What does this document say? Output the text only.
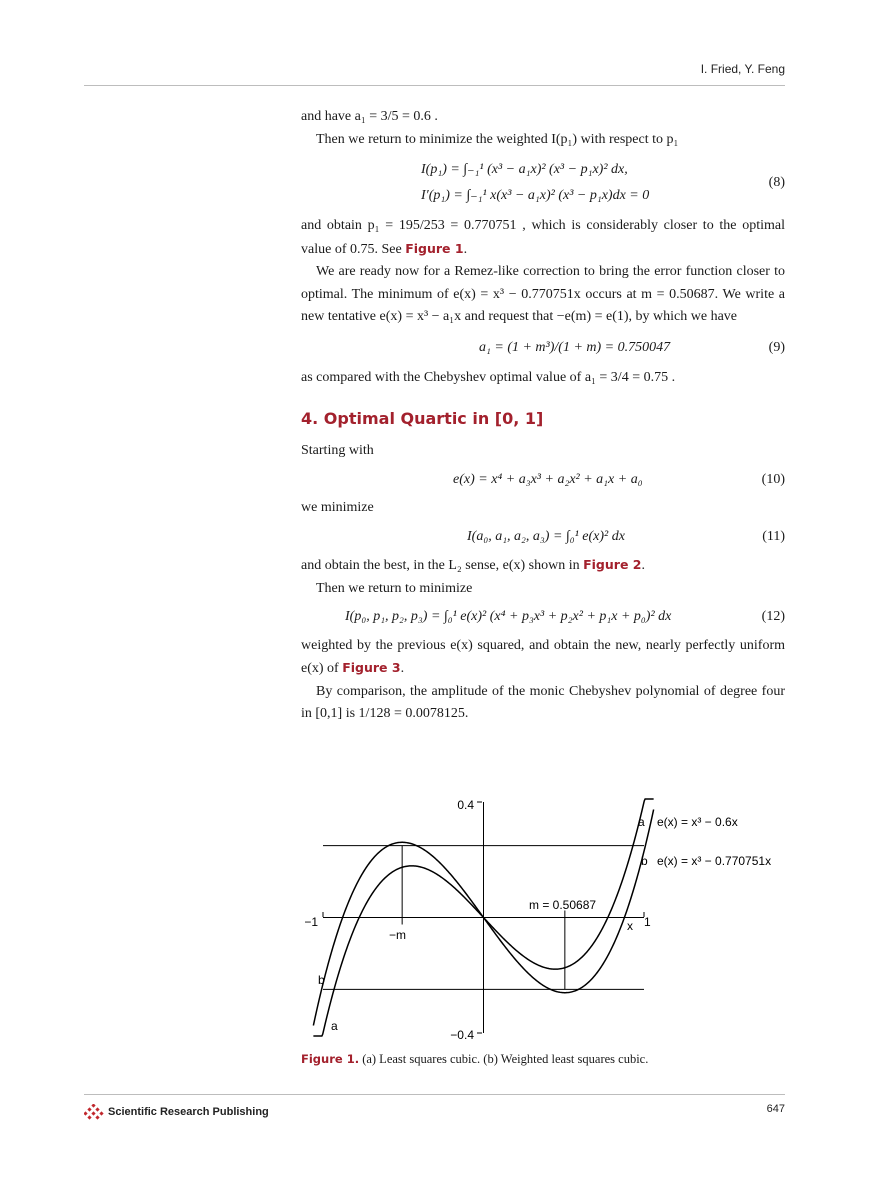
I. Fried, Y. Feng

and have a₁ = 3/5 = 0.6 .

Then we return to minimize the weighted I(p₁) with respect to p₁

I(p₁) = ∫₋₁¹ (x³ − a₁x)² (x³ − p₁x)² dx,
I′(p₁) = ∫₋₁¹ x(x³ − a₁x)² (x³ − p₁x)dx = 0
(8)

and obtain p₁ = 195/253 = 0.770751 , which is considerably closer to the optimal value of 0.75. See Figure 1.

We are ready now for a Remez-like correction to bring the error function closer to optimal. The minimum of e(x) = x³ − 0.770751x occurs at m = 0.50687. We write a new tentative e(x) = x³ − a₁x and request that −e(m) = e(1), by which we have

a₁ = (1 + m³)/(1 + m) = 0.750047	(9)

as compared with the Chebyshev optimal value of a₁ = 3/4 = 0.75 .

4. Optimal Quartic in [0, 1]

Starting with

e(x) = x⁴ + a₃x³ + a₂x² + a₁x + a₀	(10)

we minimize

I(a₀, a₁, a₂, a₃) = ∫₀¹ e(x)² dx	(11)

and obtain the best, in the L₂ sense, e(x) shown in Figure 2.

Then we return to minimize

I(p₀, p₁, p₂, p₃) = ∫₀¹ e(x)² (x⁴ + p₃x³ + p₂x² + p₁x + p₀)² dx	(12)

weighted by the previous e(x) squared, and obtain the new, nearly perfectly uniform e(x) of Figure 3.

By comparison, the amplitude of the monic Chebyshev polynomial of degree four in [0,1] is 1/128 = 0.0078125.

0.4
−0.4
−1	1
x
−m
m = 0.50687
a
b
e(x) = x³ − 0.6x
e(x) = x³ − 0.770751x
b
a
Figure 1. (a) Least squares cubic. (b) Weighted least squares cubic.
Scientific Research Publishing	647
